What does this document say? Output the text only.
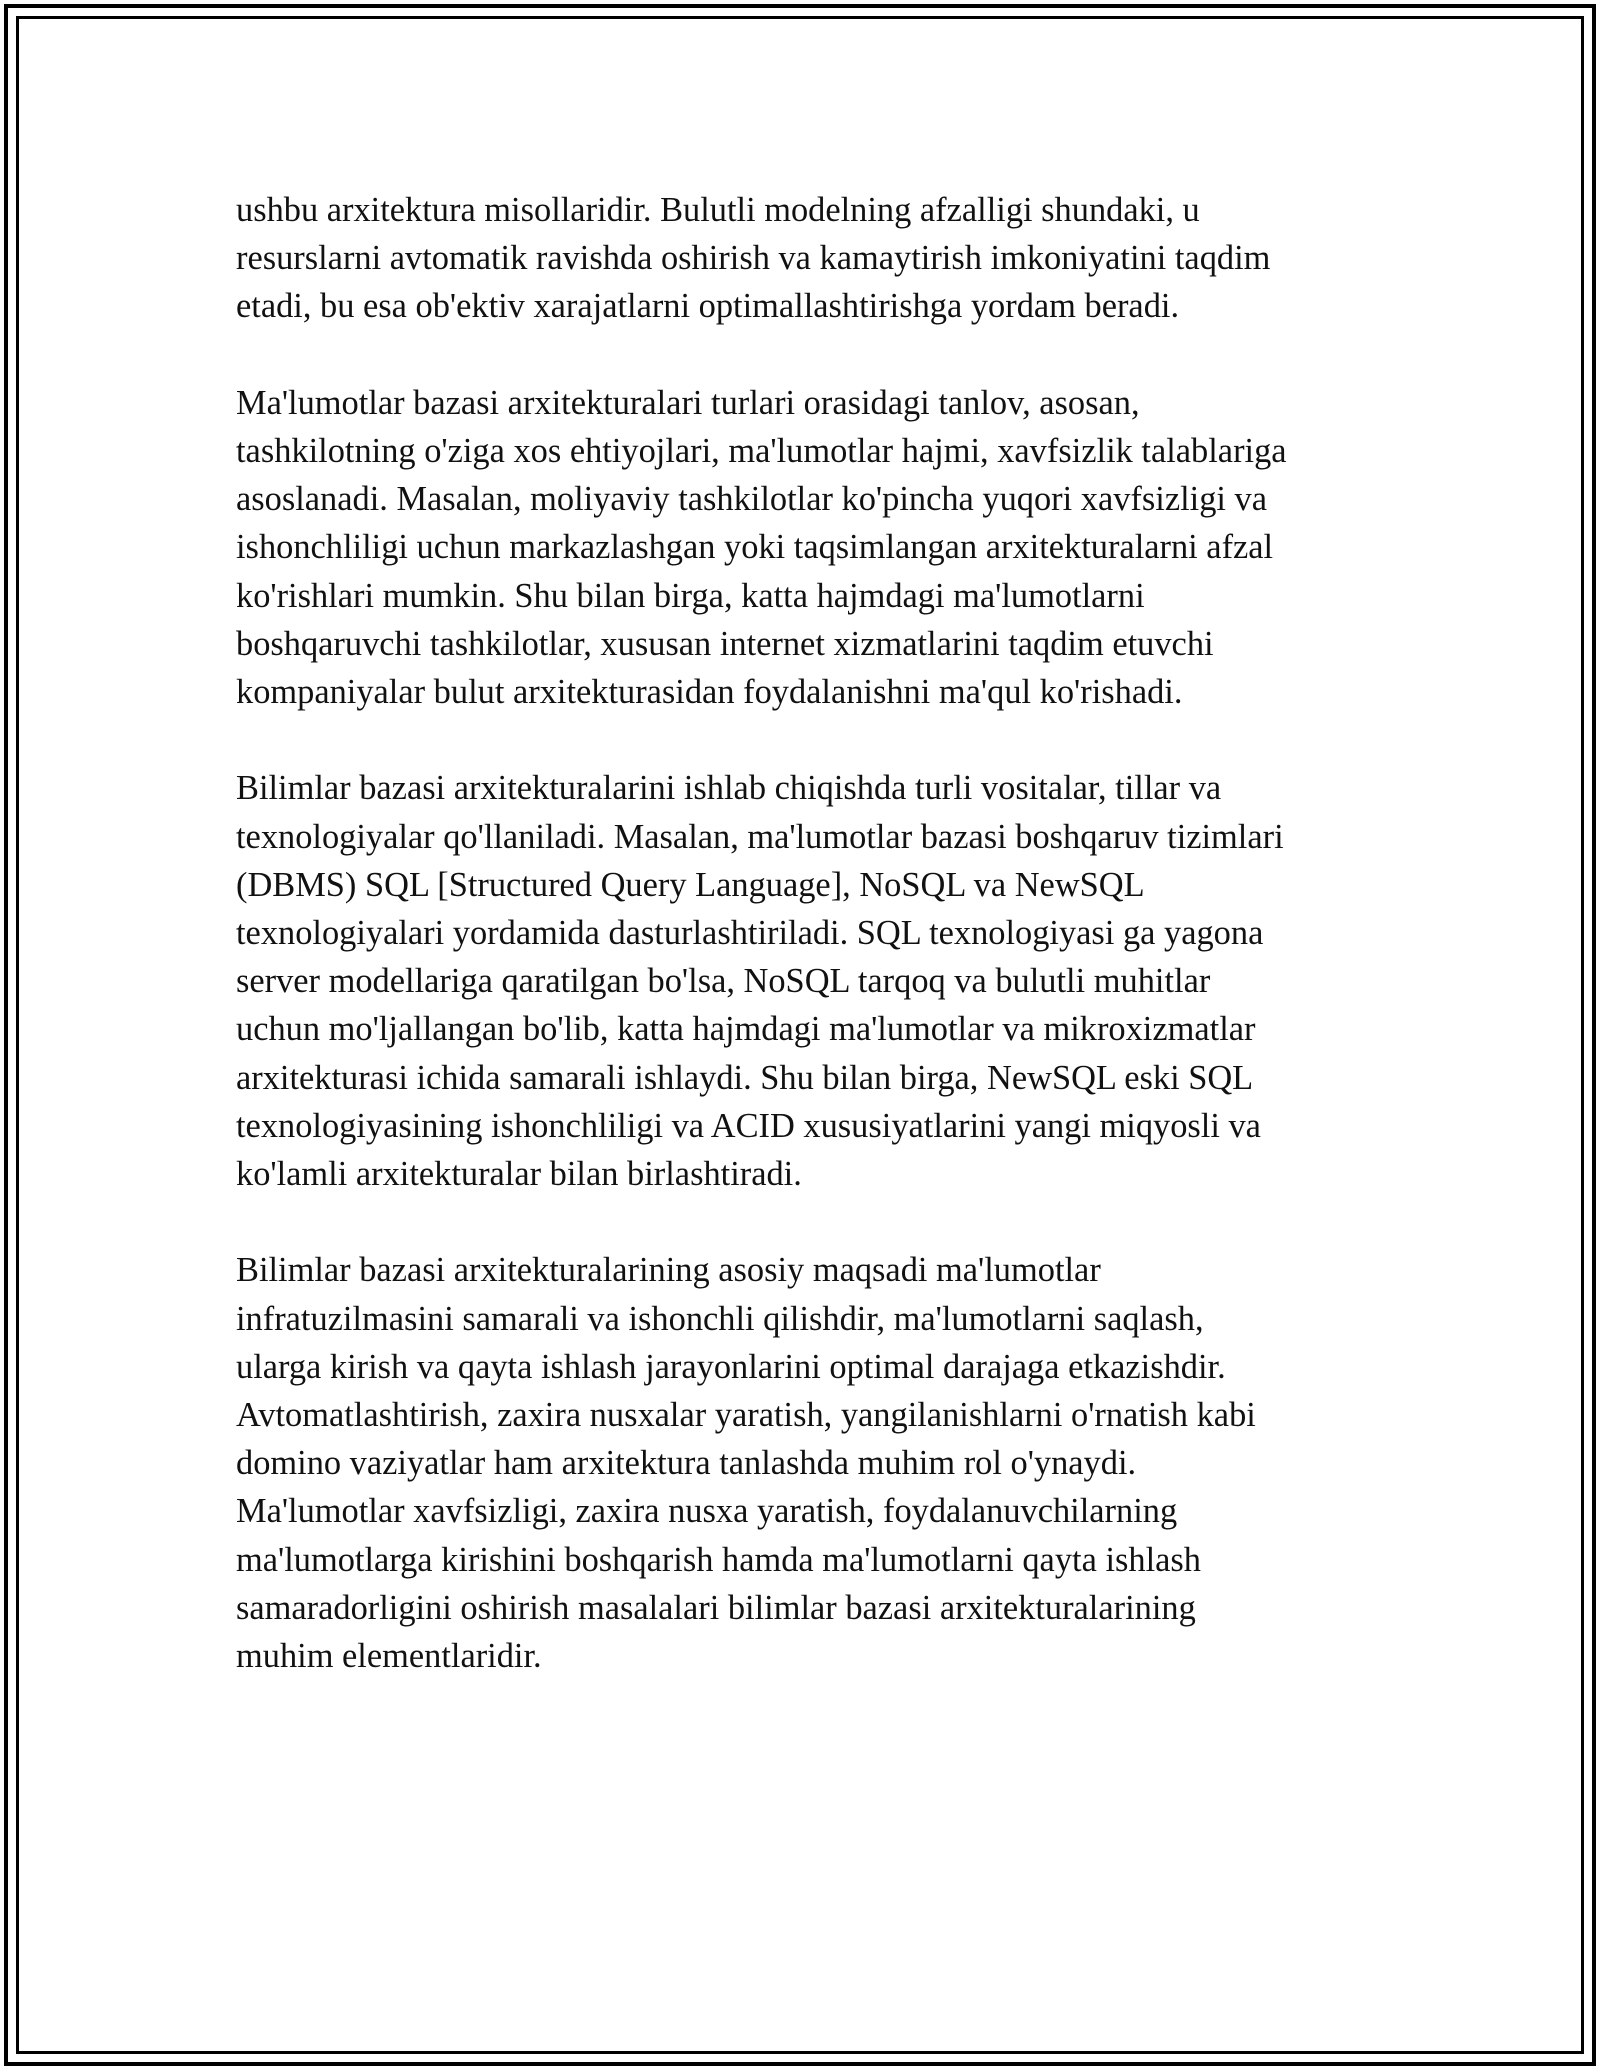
ushbu arxitektura misollaridir. Bulutli modelning afzalligi shundaki, u
resurslarni avtomatik ravishda oshirish va kamaytirish imkoniyatini taqdim
etadi, bu esa ob'ektiv xarajatlarni optimallashtirishga yordam beradi.

Ma'lumotlar bazasi arxitekturalari turlari orasidagi tanlov, asosan,
tashkilotning o'ziga xos ehtiyojlari, ma'lumotlar hajmi, xavfsizlik talablariga
asoslanadi. Masalan, moliyaviy tashkilotlar ko'pincha yuqori xavfsizligi va
ishonchliligi uchun markazlashgan yoki taqsimlangan arxitekturalarni afzal
ko'rishlari mumkin. Shu bilan birga, katta hajmdagi ma'lumotlarni
boshqaruvchi tashkilotlar, xususan internet xizmatlarini taqdim etuvchi
kompaniyalar bulut arxitekturasidan foydalanishni ma'qul ko'rishadi.

Bilimlar bazasi arxitekturalarini ishlab chiqishda turli vositalar, tillar va
texnologiyalar qo'llaniladi. Masalan, ma'lumotlar bazasi boshqaruv tizimlari
(DBMS) SQL [Structured Query Language], NoSQL va NewSQL
texnologiyalari yordamida dasturlashtiriladi. SQL texnologiyasi ga yagona
server modellariga qaratilgan bo'lsa, NoSQL tarqoq va bulutli muhitlar
uchun mo'ljallangan bo'lib, katta hajmdagi ma'lumotlar va mikroxizmatlar
arxitekturasi ichida samarali ishlaydi. Shu bilan birga, NewSQL eski SQL
texnologiyasining ishonchliligi va ACID xususiyatlarini yangi miqyosli va
ko'lamli arxitekturalar bilan birlashtiradi.

Bilimlar bazasi arxitekturalarining asosiy maqsadi ma'lumotlar
infratuzilmasini samarali va ishonchli qilishdir, ma'lumotlarni saqlash,
ularga kirish va qayta ishlash jarayonlarini optimal darajaga etkazishdir.
Avtomatlashtirish, zaxira nusxalar yaratish, yangilanishlarni o'rnatish kabi
domino vaziyatlar ham arxitektura tanlashda muhim rol o'ynaydi.
Ma'lumotlar xavfsizligi, zaxira nusxa yaratish, foydalanuvchilarning
ma'lumotlarga kirishini boshqarish hamda ma'lumotlarni qayta ishlash
samaradorligini oshirish masalalari bilimlar bazasi arxitekturalarining
muhim elementlaridir.
